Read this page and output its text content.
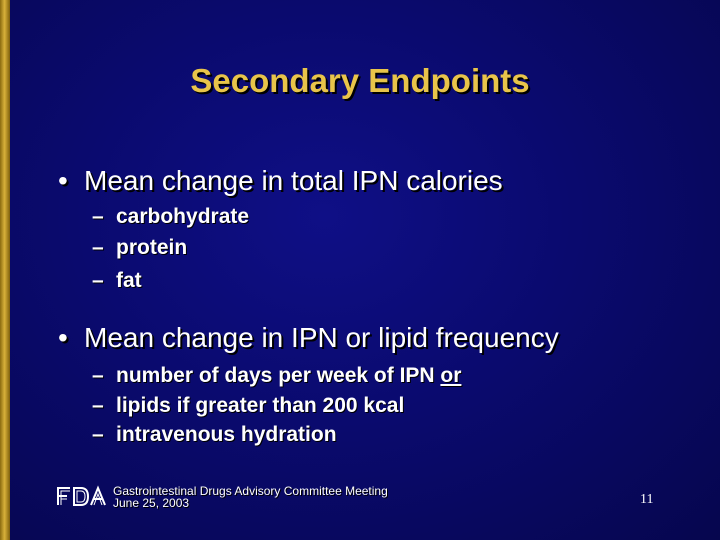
Secondary Endpoints
• Mean change in total IPN calories
– carbohydrate
– protein
– fat
• Mean change in IPN or lipid frequency
– number of days per week of IPN or
– lipids if greater than 200 kcal
– intravenous hydration
Gastrointestinal Drugs Advisory Committee Meeting
June 25, 2003	11
